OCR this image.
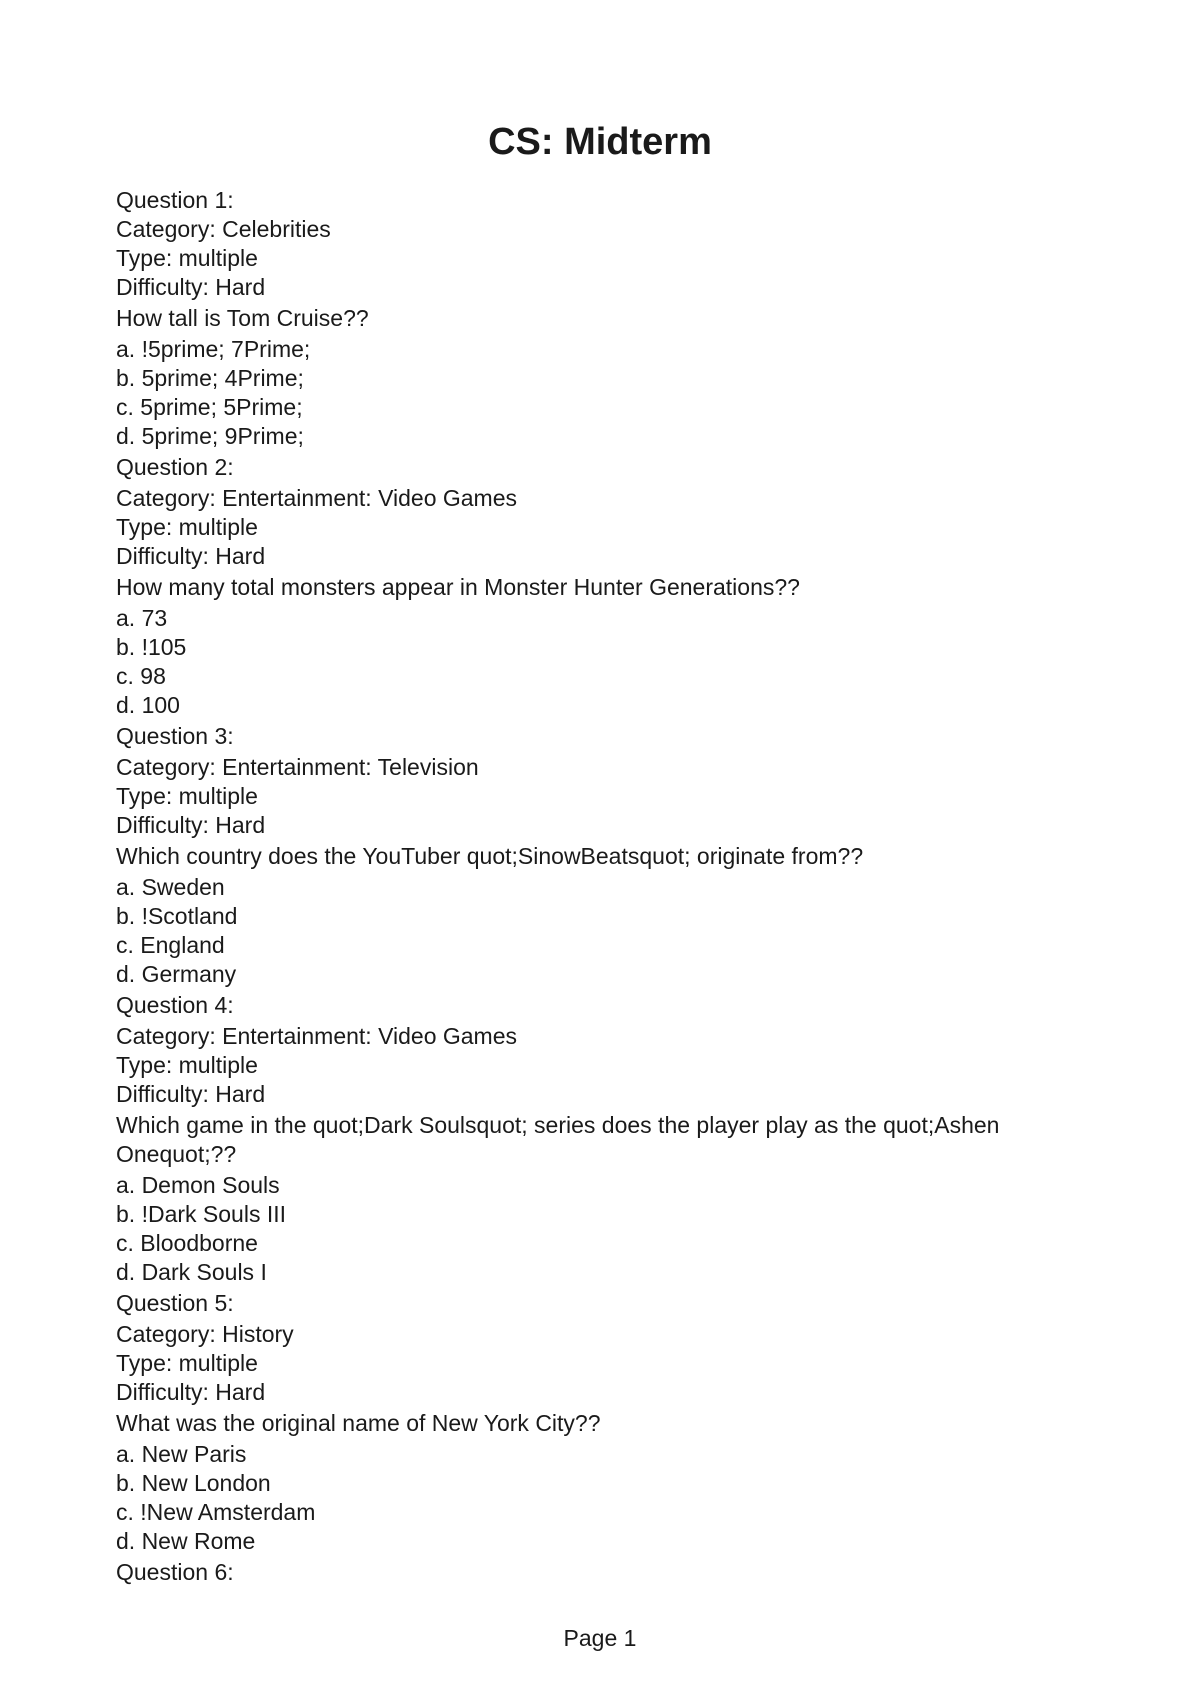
CS: Midterm
Question 1:
Category: Celebrities
Type: multiple
Difficulty: Hard
How tall is Tom Cruise??
a. !5prime; 7Prime;
b. 5prime; 4Prime;
c. 5prime; 5Prime;
d. 5prime; 9Prime;
Question 2:
Category: Entertainment: Video Games
Type: multiple
Difficulty: Hard
How many total monsters appear in Monster Hunter Generations??
a. 73
b. !105
c. 98
d. 100
Question 3:
Category: Entertainment: Television
Type: multiple
Difficulty: Hard
Which country does the YouTuber quot;SinowBeatsquot; originate from??
a. Sweden
b. !Scotland
c. England
d. Germany
Question 4:
Category: Entertainment: Video Games
Type: multiple
Difficulty: Hard
Which game in the quot;Dark Soulsquot; series does the player play as the quot;Ashen Onequot;??
a. Demon Souls
b. !Dark Souls III
c. Bloodborne
d. Dark Souls I
Question 5:
Category: History
Type: multiple
Difficulty: Hard
What was the original name of New York City??
a. New Paris
b. New London
c. !New Amsterdam
d. New Rome
Question 6:
Page 1
